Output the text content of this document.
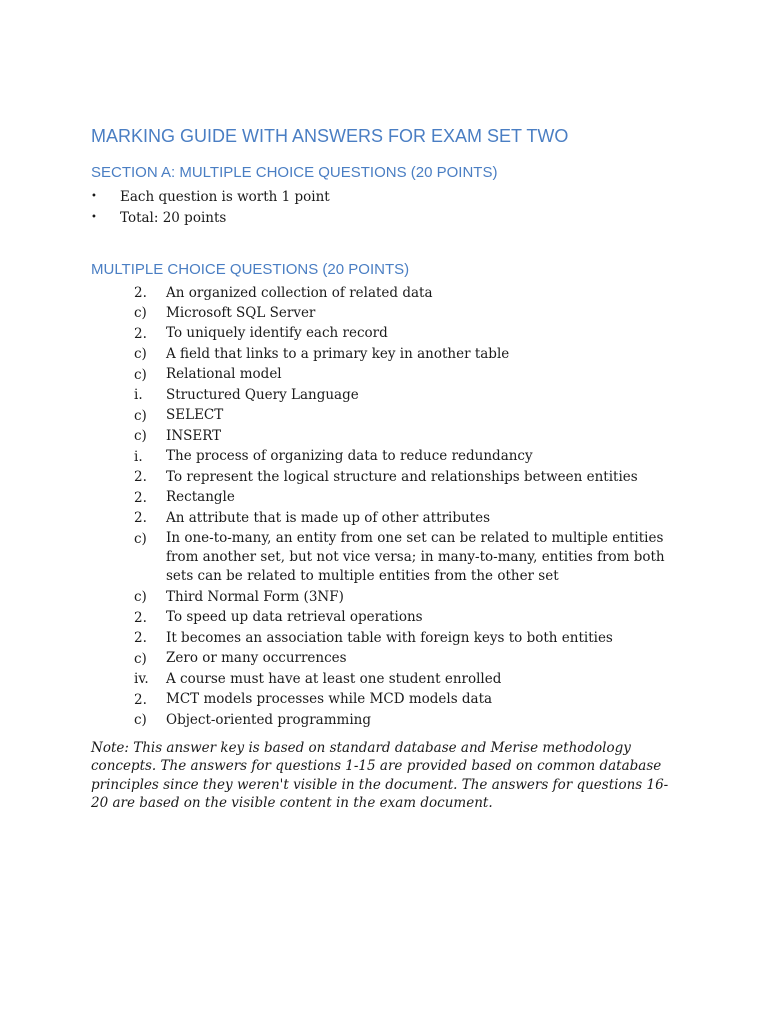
MARKING GUIDE WITH ANSWERS FOR EXAM SET TWO
SECTION A: MULTIPLE CHOICE QUESTIONS (20 POINTS)
• Each question is worth 1 point
• Total: 20 points
MULTIPLE CHOICE QUESTIONS (20 POINTS)
2.	An organized collection of related data
c)	Microsoft SQL Server
2.	To uniquely identify each record
c)	A field that links to a primary key in another table
c)	Relational model
i.	Structured Query Language
c)	SELECT
c)	INSERT
i.	The process of organizing data to reduce redundancy
2.	To represent the logical structure and relationships between entities
2.	Rectangle
2.	An attribute that is made up of other attributes
c)	In one-to-many, an entity from one set can be related to multiple entities from another set, but not vice versa; in many-to-many, entities from both sets can be related to multiple entities from the other set
c)	Third Normal Form (3NF)
2.	To speed up data retrieval operations
2.	It becomes an association table with foreign keys to both entities
c)	Zero or many occurrences
iv.	A course must have at least one student enrolled
2.	MCT models processes while MCD models data
c)	Object-oriented programming

Note: This answer key is based on standard database and Merise methodology concepts. The answers for questions 1-15 are provided based on common database principles since they weren't visible in the document. The answers for questions 16-20 are based on the visible content in the exam document.
